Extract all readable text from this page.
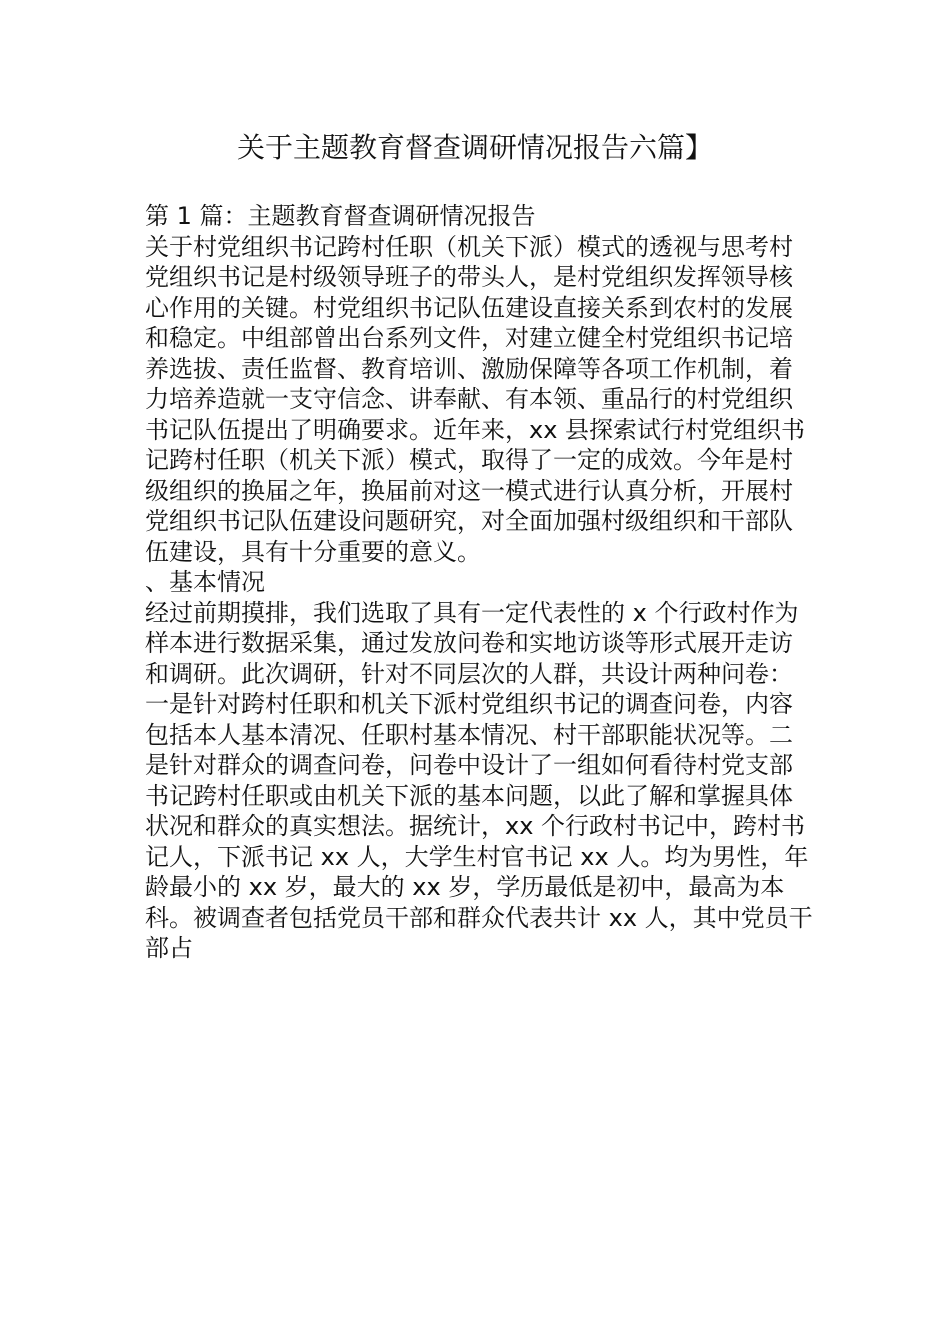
关于主题教育督查调研情况报告六篇】
第 1 篇：主题教育督查调研情况报告
关于村党组织书记跨村任职（机关下派）模式的透视与思考村
党组织书记是村级领导班子的带头人，是村党组织发挥领导核
心作用的关键。村党组织书记队伍建设直接关系到农村的发展
和稳定。中组部曾出台系列文件，对建立健全村党组织书记培
养选拔、责任监督、教育培训、激励保障等各项工作机制，着
力培养造就一支守信念、讲奉献、有本领、重品行的村党组织
书记队伍提出了明确要求。近年来，xx 县探索试行村党组织书
记跨村任职（机关下派）模式，取得了一定的成效。今年是村
级组织的换届之年，换届前对这一模式进行认真分析，开展村
党组织书记队伍建设问题研究，对全面加强村级组织和干部队
伍建设，具有十分重要的意义。
、基本情况
经过前期摸排，我们选取了具有一定代表性的 x 个行政村作为
样本进行数据采集，通过发放问卷和实地访谈等形式展开走访
和调研。此次调研，针对不同层次的人群，共设计两种问卷：
一是针对跨村任职和机关下派村党组织书记的调查问卷，内容
包括本人基本清况、任职村基本情况、村干部职能状况等。二
是针对群众的调查问卷，问卷中设计了一组如何看待村党支部
书记跨村任职或由机关下派的基本问题，以此了解和掌握具体
状况和群众的真实想法。据统计，xx 个行政村书记中，跨村书
记人，下派书记 xx 人，大学生村官书记 xx 人。均为男性，年
龄最小的 xx 岁，最大的 xx 岁，学历最低是初中，最高为本
科。被调查者包括党员干部和群众代表共计 xx 人，其中党员干
部占
